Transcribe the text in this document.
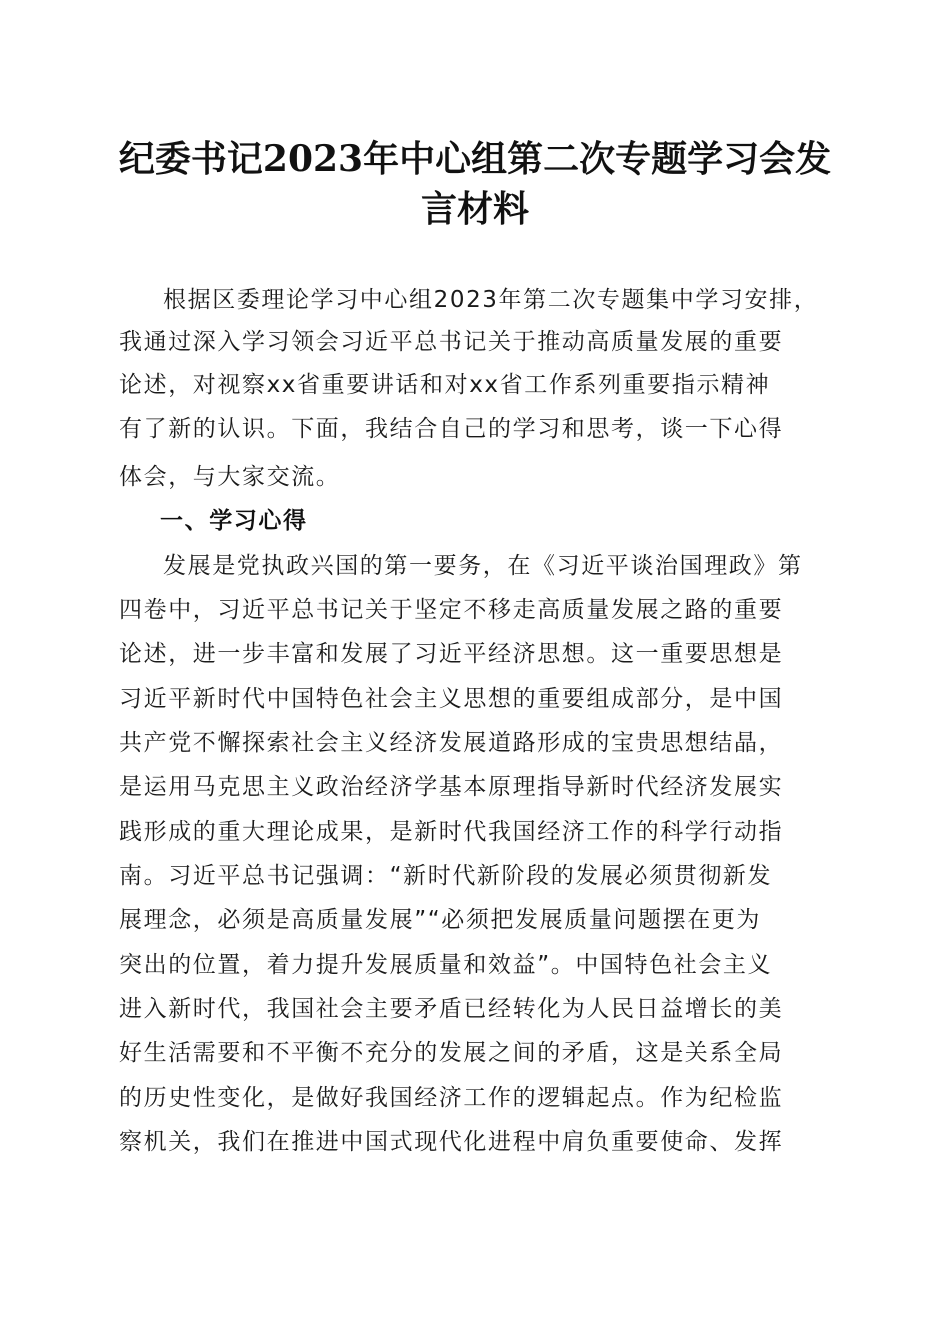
纪委书记2023年中心组第二次专题学习会发
言材料
根据区委理论学习中心组2023年第二次专题集中学习安排，
我通过深入学习领会习近平总书记关于推动高质量发展的重要
论述，对视察xx省重要讲话和对xx省工作系列重要指示精神
有了新的认识。下面，我结合自己的学习和思考，谈一下心得
体会，与大家交流。
一、学习心得
发展是党执政兴国的第一要务，在《习近平谈治国理政》第
四卷中，习近平总书记关于坚定不移走高质量发展之路的重要
论述，进一步丰富和发展了习近平经济思想。这一重要思想是
习近平新时代中国特色社会主义思想的重要组成部分，是中国
共产党不懈探索社会主义经济发展道路形成的宝贵思想结晶，
是运用马克思主义政治经济学基本原理指导新时代经济发展实
践形成的重大理论成果，是新时代我国经济工作的科学行动指
南。习近平总书记强调：“新时代新阶段的发展必须贯彻新发
展理念，必须是高质量发展”“必须把发展质量问题摆在更为
突出的位置，着力提升发展质量和效益”。中国特色社会主义
进入新时代，我国社会主要矛盾已经转化为人民日益增长的美
好生活需要和不平衡不充分的发展之间的矛盾，这是关系全局
的历史性变化，是做好我国经济工作的逻辑起点。作为纪检监
察机关，我们在推进中国式现代化进程中肩负重要使命、发挥
